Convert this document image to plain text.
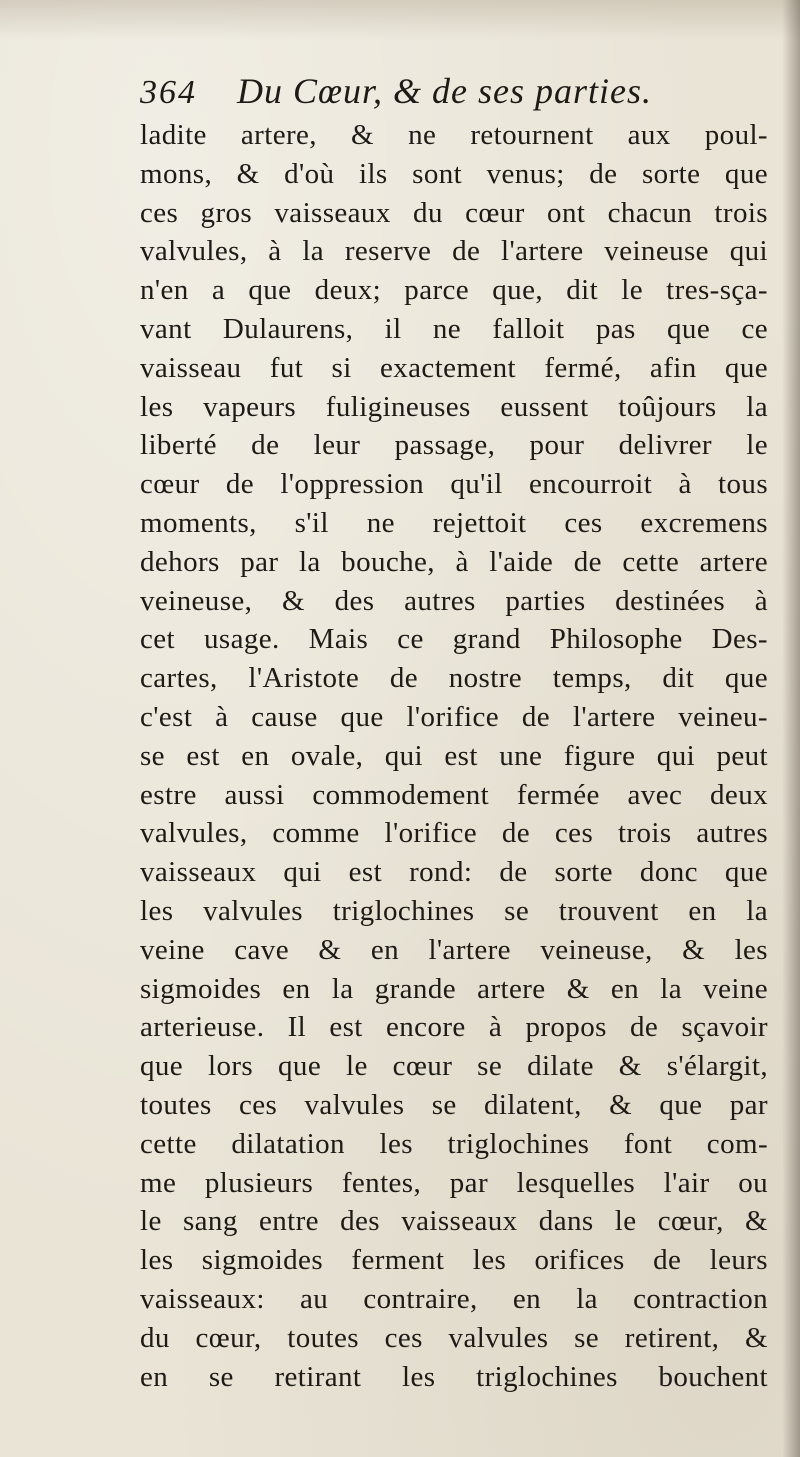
364 Du Cœur, & de ses parties.
ladite artere, & ne retournent aux poul-
mons, & d'où ils sont venus; de sorte que
ces gros vaisseaux du cœur ont chacun trois
valvules, à la reserve de l'artere veineuse qui
n'en a que deux; parce que, dit le tres-sça-
vant Dulaurens, il ne falloit pas que ce
vaisseau fut si exactement fermé, afin que
les vapeurs fuligineuses eussent toûjours la
liberté de leur passage, pour delivrer le
cœur de l'oppression qu'il encourroit à tous
moments, s'il ne rejettoit ces excremens
dehors par la bouche, à l'aide de cette artere
veineuse, & des autres parties destinées à
cet usage. Mais ce grand Philosophe Des-
cartes, l'Aristote de nostre temps, dit que
c'est à cause que l'orifice de l'artere veineu-
se est en ovale, qui est une figure qui peut
estre aussi commodement fermée avec deux
valvules, comme l'orifice de ces trois autres
vaisseaux qui est rond: de sorte donc que
les valvules triglochines se trouvent en la
veine cave & en l'artere veineuse, & les
sigmoides en la grande artere & en la veine
arterieuse. Il est encore à propos de sçavoir
que lors que le cœur se dilate & s'élargit,
toutes ces valvules se dilatent, & que par
cette dilatation les triglochines font com-
me plusieurs fentes, par lesquelles l'air ou
le sang entre des vaisseaux dans le cœur, &
les sigmoides ferment les orifices de leurs
vaisseaux: au contraire, en la contraction
du cœur, toutes ces valvules se retirent, &
en se retirant les triglochines bouchent
